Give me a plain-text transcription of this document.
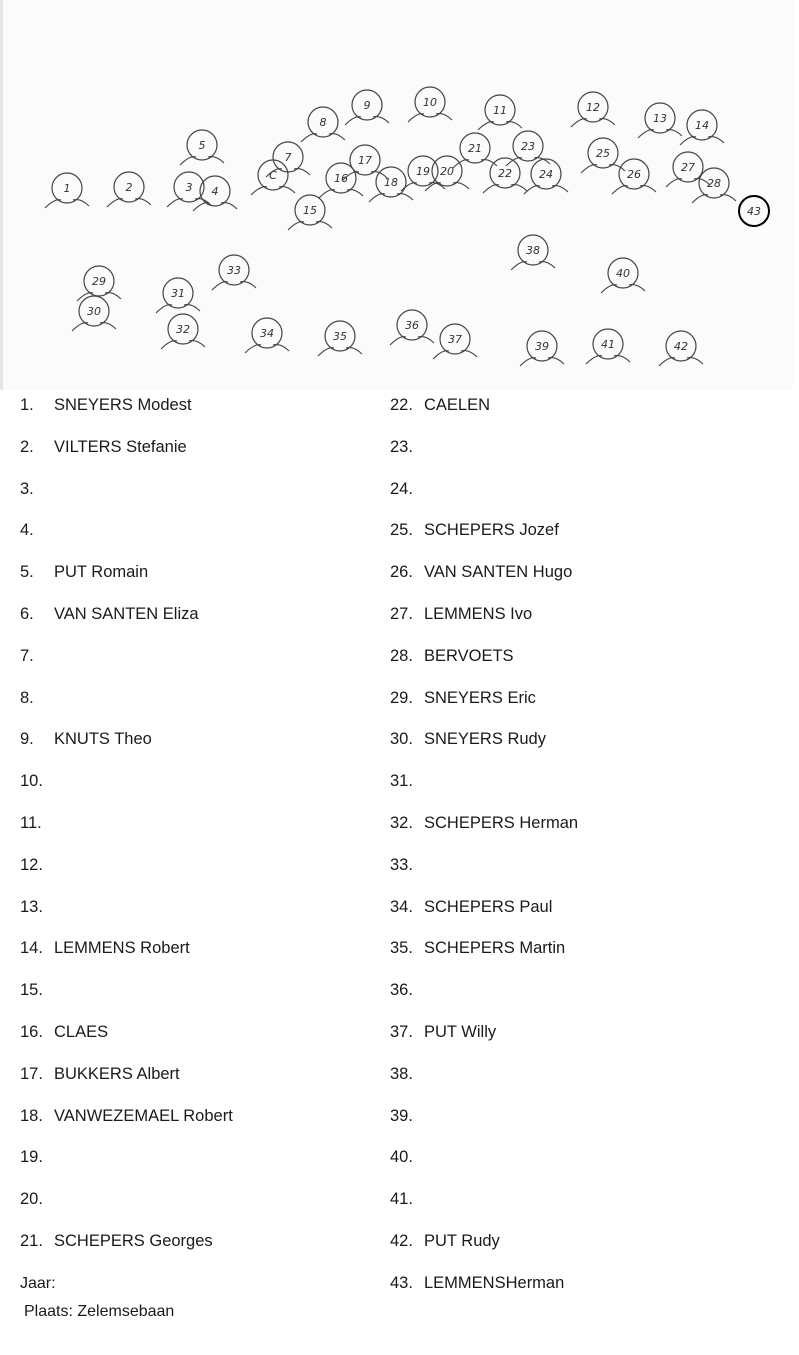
1	2	3 4
5
C
7
8
9	10
11	12
13
14
15
16
17
18
19 20
21
22
23
24
25
26
27
28
43
29
30
31
32
33
34	35
36
37
38
39
40
41	42
1. SNEYERS Modest
2. VILTERS Stefanie
3.
4.
5. PUT Romain
6. VAN SANTEN Eliza
7.
8.
9. KNUTS Theo
10.
11.
12.
13.
14. LEMMENS Robert
15.
16. CLAES
17. BUKKERS Albert
18. VANWEZEMAEL Robert
19.
20.
21. SCHEPERS Georges
22. CAELEN
23.
24.
25. SCHEPERS Jozef
26. VAN SANTEN Hugo
27. LEMMENS Ivo
28. BERVOETS
29. SNEYERS Eric
30. SNEYERS Rudy
31.
32. SCHEPERS Herman
33.
34. SCHEPERS Paul
35. SCHEPERS Martin
36.
37. PUT Willy
38.
39.
40.
41.
42. PUT Rudy
43. LEMMENSHerman
Jaar:
Plaats: Zelemsebaan
